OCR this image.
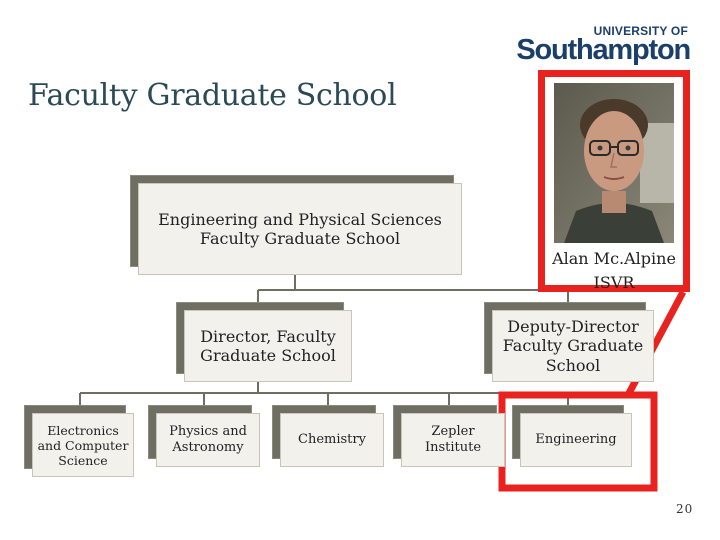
UNIVERSITY OF
Southampton
Faculty Graduate School
Engineering and Physical Sciences
Faculty Graduate School
Director, Faculty
Graduate School
Deputy-Director
Faculty Graduate
School
Electronics
and Computer
Science
Physics and
Astronomy
Chemistry
Zepler
Institute
Engineering
Alan Mc.Alpine
ISVR
20
